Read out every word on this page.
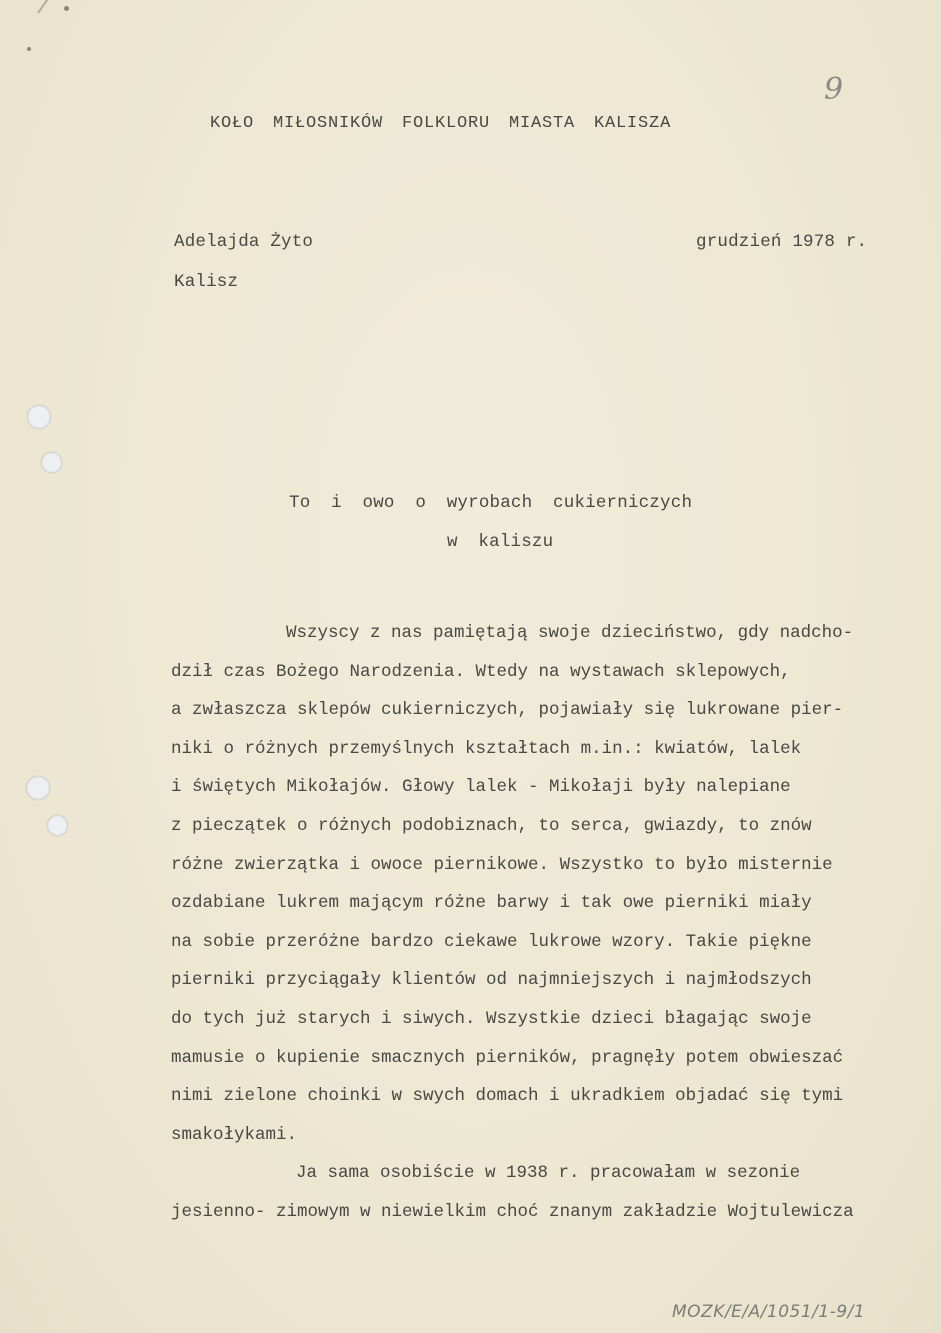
9
KOŁO MIŁOSNIKÓW FOLKLORU MIASTA KALISZA
Adelajda Żyto
Kalisz
grudzień 1978 r.
To i owo o wyrobach cukierniczych
w kaliszu
Wszyscy z nas pamiętają swoje dzieciństwo, gdy nadcho-
dził czas Bożego Narodzenia. Wtedy na wystawach sklepowych,
a zwłaszcza sklepów cukierniczych, pojawiały się lukrowane pier-
niki o różnych przemyślnych kształtach m.in.: kwiatów, lalek
i świętych Mikołajów. Głowy lalek - Mikołaji były nalepiane
z pieczątek o różnych podobiznach, to serca, gwiazdy, to znów
różne zwierzątka i owoce piernikowe. Wszystko to było misternie
ozdabiane lukrem mającym różne barwy i tak owe pierniki miały
na sobie przeróżne bardzo ciekawe lukrowe wzory. Takie piękne
pierniki przyciągały klientów od najmniejszych i najmłodszych
do tych już starych i siwych. Wszystkie dzieci błagając swoje
mamusie o kupienie smacznych pierników, pragnęły potem obwieszać
nimi zielone choinki w swych domach i ukradkiem objadać się tymi
smakołykami.
Ja sama osobiście w 1938 r. pracowałam w sezonie
jesienno- zimowym w niewielkim choć znanym zakładzie Wojtulewicza
MOZK/E/A/1051/1-9/1
